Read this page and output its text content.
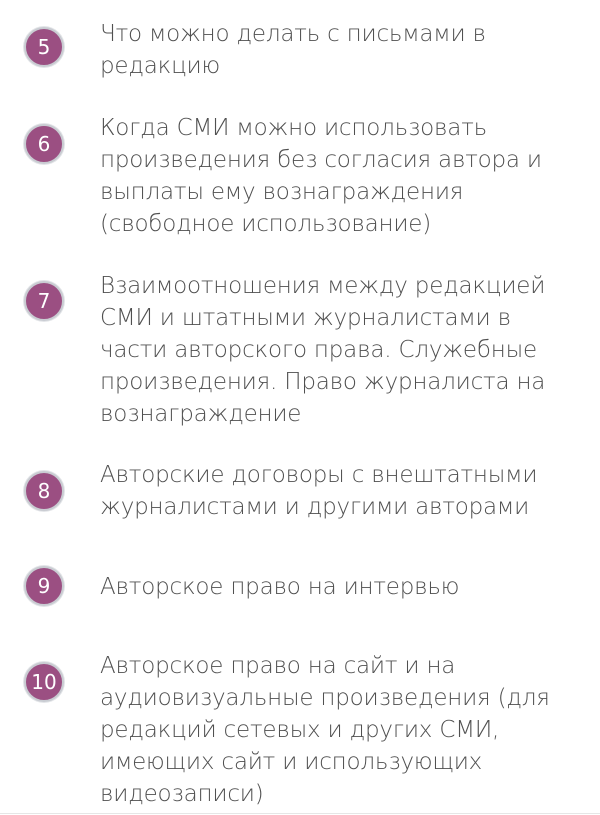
5	Что можно делать с письмами в редакцию

6

Когда СМИ можно использовать произведения без согласия автора и выплаты ему вознаграждения (свободное использование)

7

Взаимоотношения между редакцией СМИ и штатными журналистами в части авторского права. Служебные произведения. Право журналиста на вознаграждение

8

Авторские договоры с внештатными журналистами и другими авторами

9	Авторское право на интервью

10

Авторское право на сайт и на аудиовизуальные произведения (для редакций сетевых и других СМИ, имеющих сайт и использующих видеозаписи)
